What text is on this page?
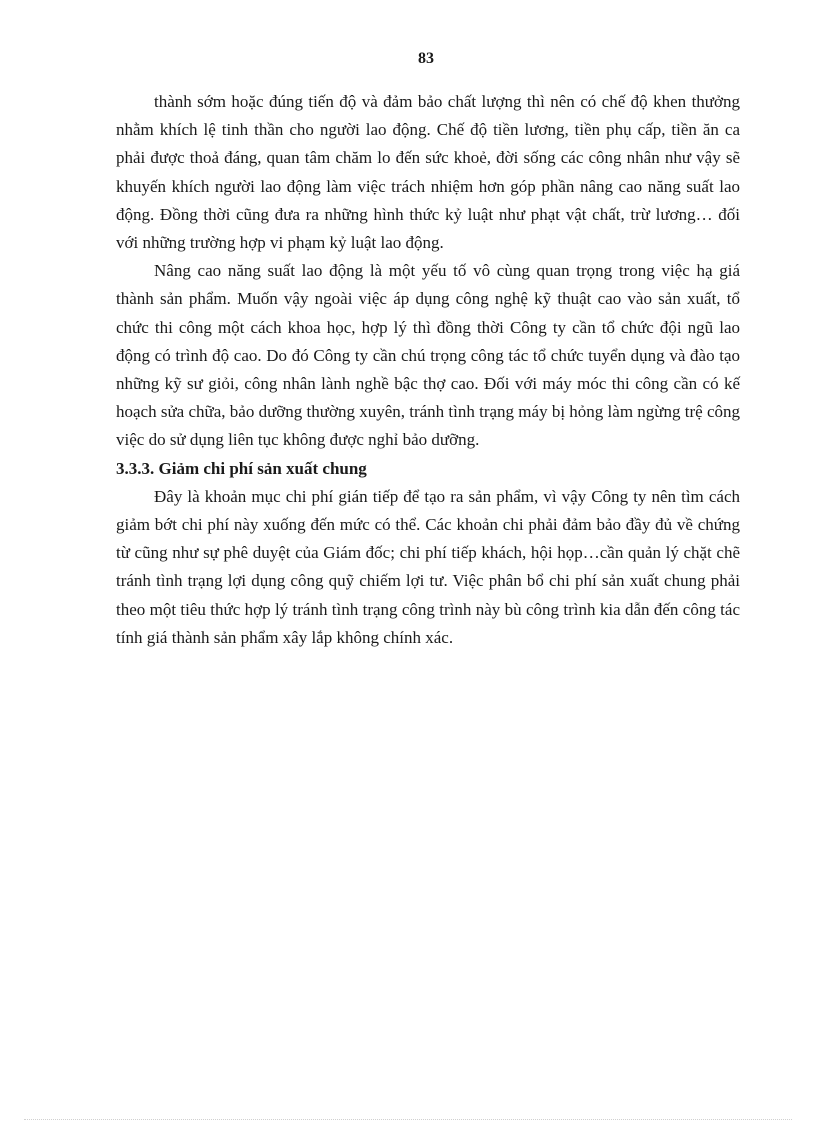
83

thành sớm hoặc đúng tiến độ và đảm bảo chất lượng thì nên có chế độ khen thưởng nhằm khích lệ tinh thần cho người lao động. Chế độ tiền lương, tiền phụ cấp, tiền ăn ca phải được thoả đáng, quan tâm chăm lo đến sức khoẻ, đời sống các công nhân như vậy sẽ khuyến khích người lao động làm việc trách nhiệm hơn góp phần nâng cao năng suất lao động. Đồng thời cũng đưa ra những hình thức kỷ luật như phạt vật chất, trừ lương… đối với những trường hợp vi phạm kỷ luật lao động.

Nâng cao năng suất lao động là một yếu tố vô cùng quan trọng trong việc hạ giá thành sản phẩm. Muốn vậy ngoài việc áp dụng công nghệ kỹ thuật cao vào sản xuất, tổ chức thi công một cách khoa học, hợp lý thì đồng thời Công ty cần tổ chức đội ngũ lao động có trình độ cao. Do đó Công ty cần chú trọng công tác tổ chức tuyển dụng và đào tạo những kỹ sư giỏi, công nhân lành nghề bậc thợ cao. Đối với máy móc thi công cần có kế hoạch sửa chữa, bảo dưỡng thường xuyên, tránh tình trạng máy bị hỏng làm ngừng trệ công việc do sử dụng liên tục không được nghỉ bảo dưỡng.

3.3.3. Giảm chi phí sản xuất chung

Đây là khoản mục chi phí gián tiếp để tạo ra sản phẩm, vì vậy Công ty nên tìm cách giảm bớt chi phí này xuống đến mức có thể. Các khoản chi phải đảm bảo đầy đủ về chứng từ cũng như sự phê duyệt của Giám đốc; chi phí tiếp khách, hội họp…cần quản lý chặt chẽ tránh tình trạng lợi dụng công quỹ chiếm lợi tư. Việc phân bổ chi phí sản xuất chung phải theo một tiêu thức hợp lý tránh tình trạng công trình này bù công trình kia dẫn đến công tác tính giá thành sản phẩm xây lắp không chính xác.
